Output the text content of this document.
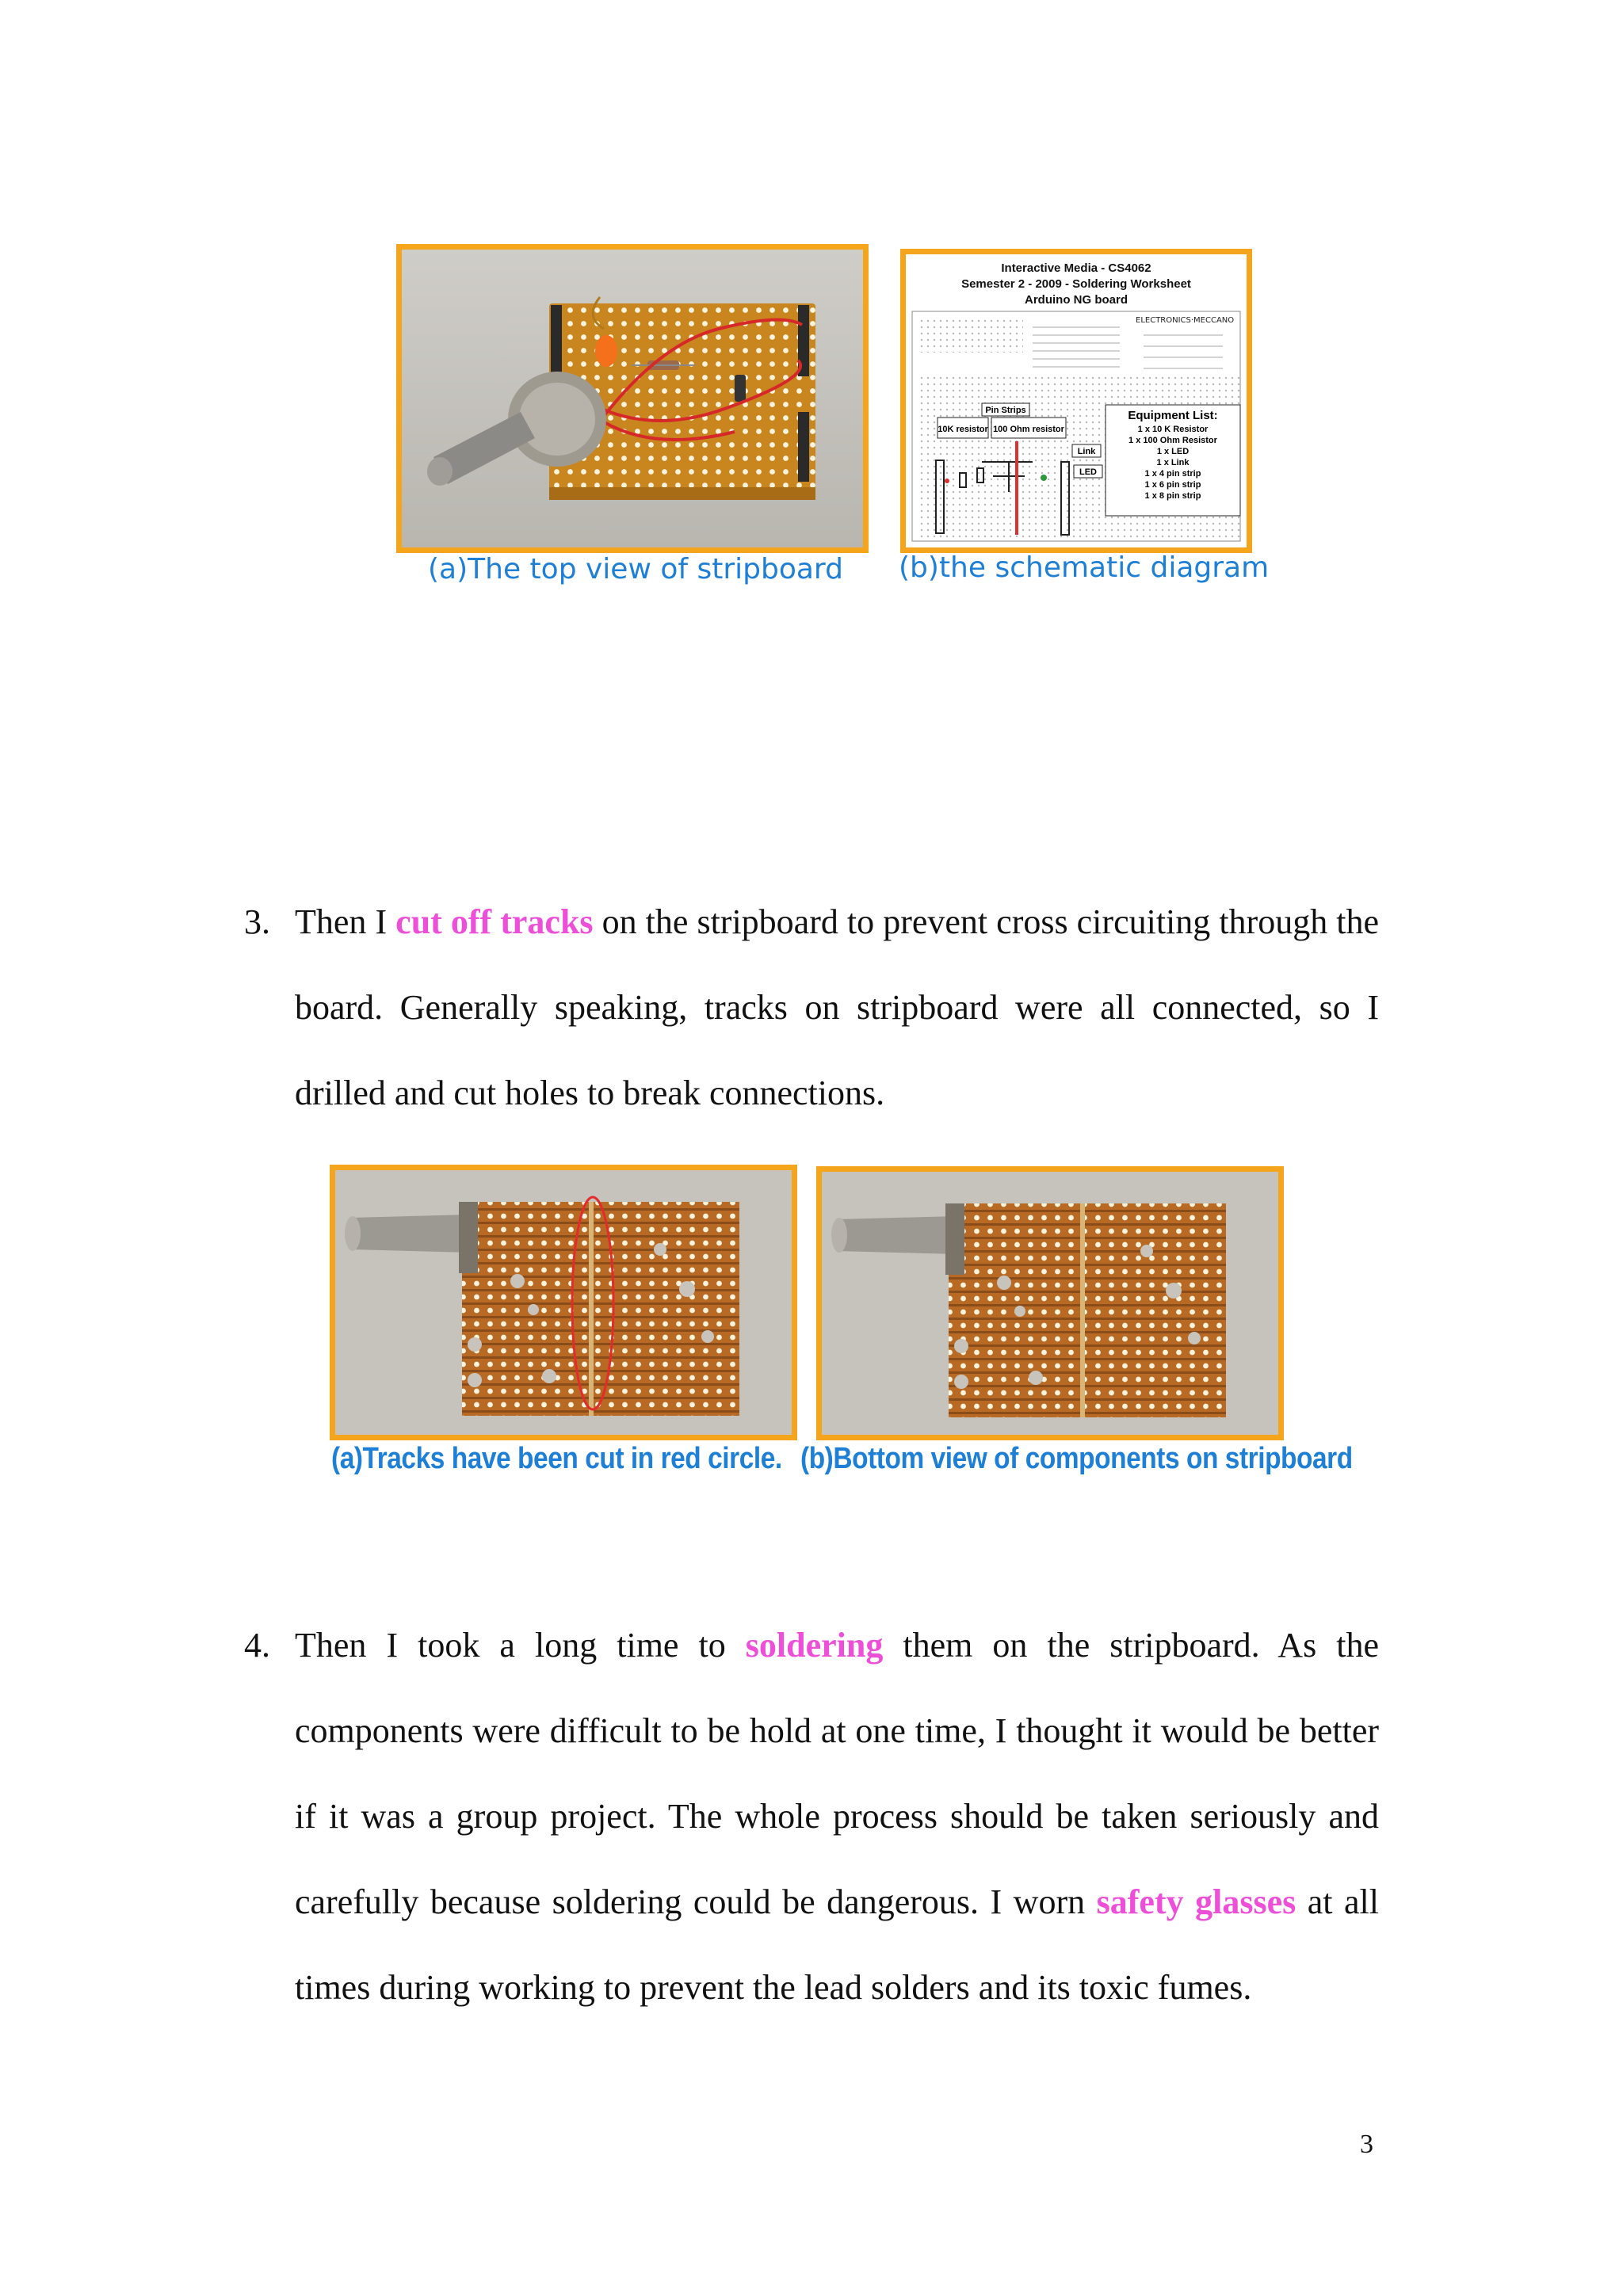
(a)The top view of stripboard
Interactive Media - CS4062
Semester 2 - 2009 - Soldering Worksheet
Arduino NG board
ELECTRONICS·MECCANO
10K resistor 100 Ohm resistor
Pin Strips
Link
LED
Equipment List:
1 x 10 K Resistor
1 x 100 Ohm Resistor
1 x LED
1 x Link
1 x 4 pin strip
1 x 6 pin strip
1 x 8 pin strip
(b)the schematic diagram
3. Then I cut off tracks on the stripboard to prevent cross circuiting through the board. Generally speaking, tracks on stripboard were all connected, so I drilled and cut holes to break connections.
(a)Tracks have been cut in red circle. (b)Bottom view of components on stripboard
4. Then I took a long time to soldering them on the stripboard. As the components were difficult to be hold at one time, I thought it would be better if it was a group project. The whole process should be taken seriously and carefully because soldering could be dangerous. I worn safety glasses at all times during working to prevent the lead solders and its toxic fumes.
3
